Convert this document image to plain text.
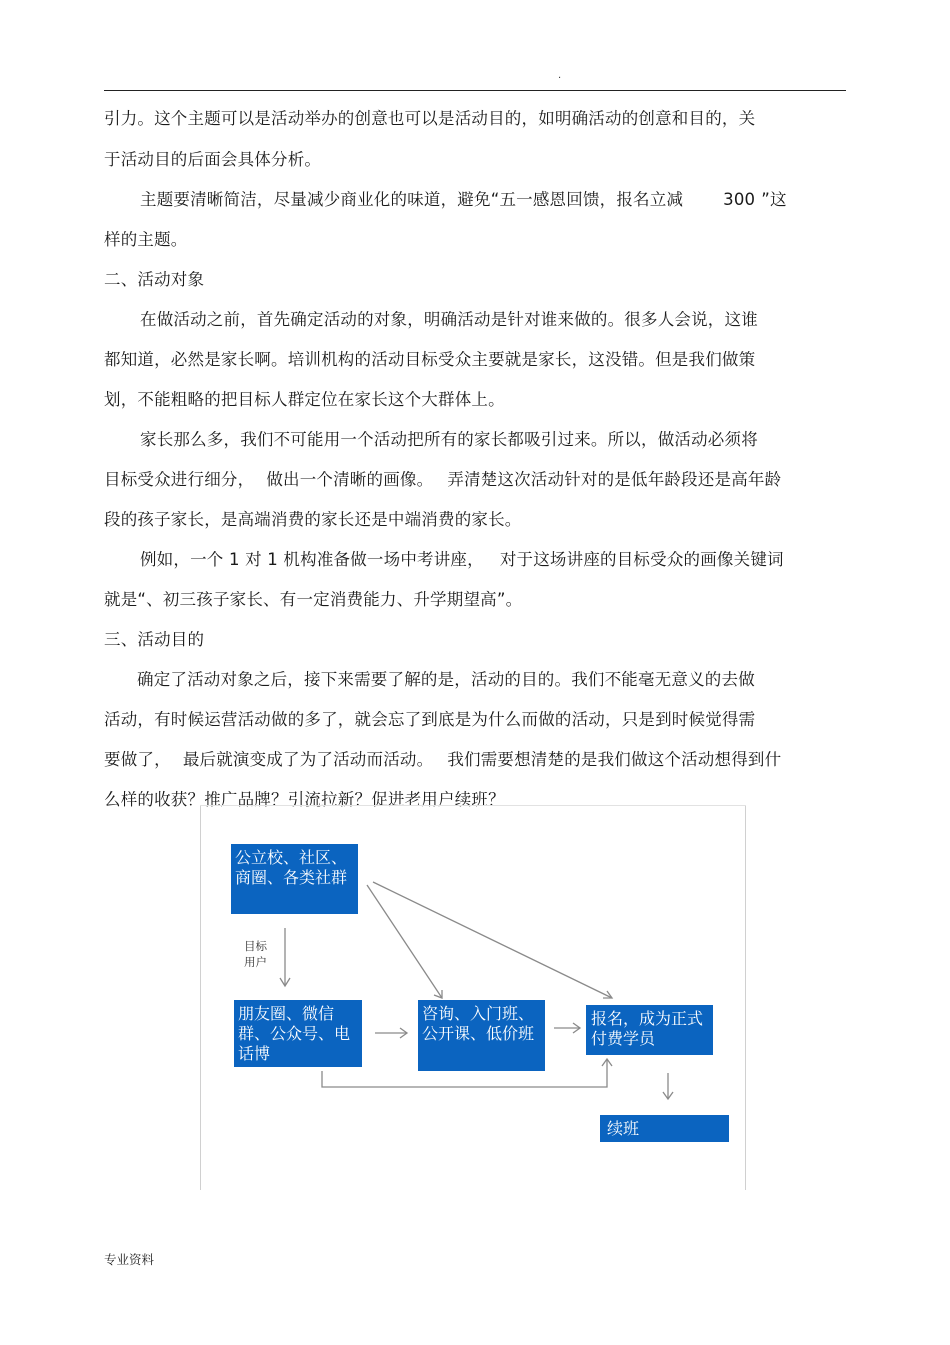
.
引力。这个主题可以是活动举办的创意也可以是活动目的，如明确活动的创意和目的，关
于活动目的后面会具体分析。
主题要清晰简洁，尽量减少商业化的味道，避免“五一感恩回馈，报名立减 300 ”这
样的主题。
二、活动对象
在做活动之前，首先确定活动的对象，明确活动是针对谁来做的。很多人会说，这谁
都知道，必然是家长啊。培训机构的活动目标受众主要就是家长，这没错。但是我们做策
划，不能粗略的把目标人群定位在家长这个大群体上。
家长那么多，我们不可能用一个活动把所有的家长都吸引过来。所以，做活动必须将
目标受众进行细分， 做出一个清晰的画像。 弄清楚这次活动针对的是低年龄段还是高年龄
段的孩子家长，是高端消费的家长还是中端消费的家长。
例如，一个 1 对 1 机构准备做一场中考讲座， 对于这场讲座的目标受众的画像关键词
就是“、初三孩子家长、有一定消费能力、升学期望高”。
三、活动目的
确定了活动对象之后，接下来需要了解的是，活动的目的。我们不能毫无意义的去做
活动，有时候运营活动做的多了，就会忘了到底是为什么而做的活动，只是到时候觉得需
要做了， 最后就演变成了为了活动而活动。 我们需要想清楚的是我们做这个活动想得到什
么样的收获？推广品牌？引流拉新？促进老用户续班？
公立校、社区、商圈、各类社群
目标
用户
朋友圈、微信群、公众号、电话博
咨询、入门班、公开课、低价班
报名，成为正式付费学员
续班
专业资料
